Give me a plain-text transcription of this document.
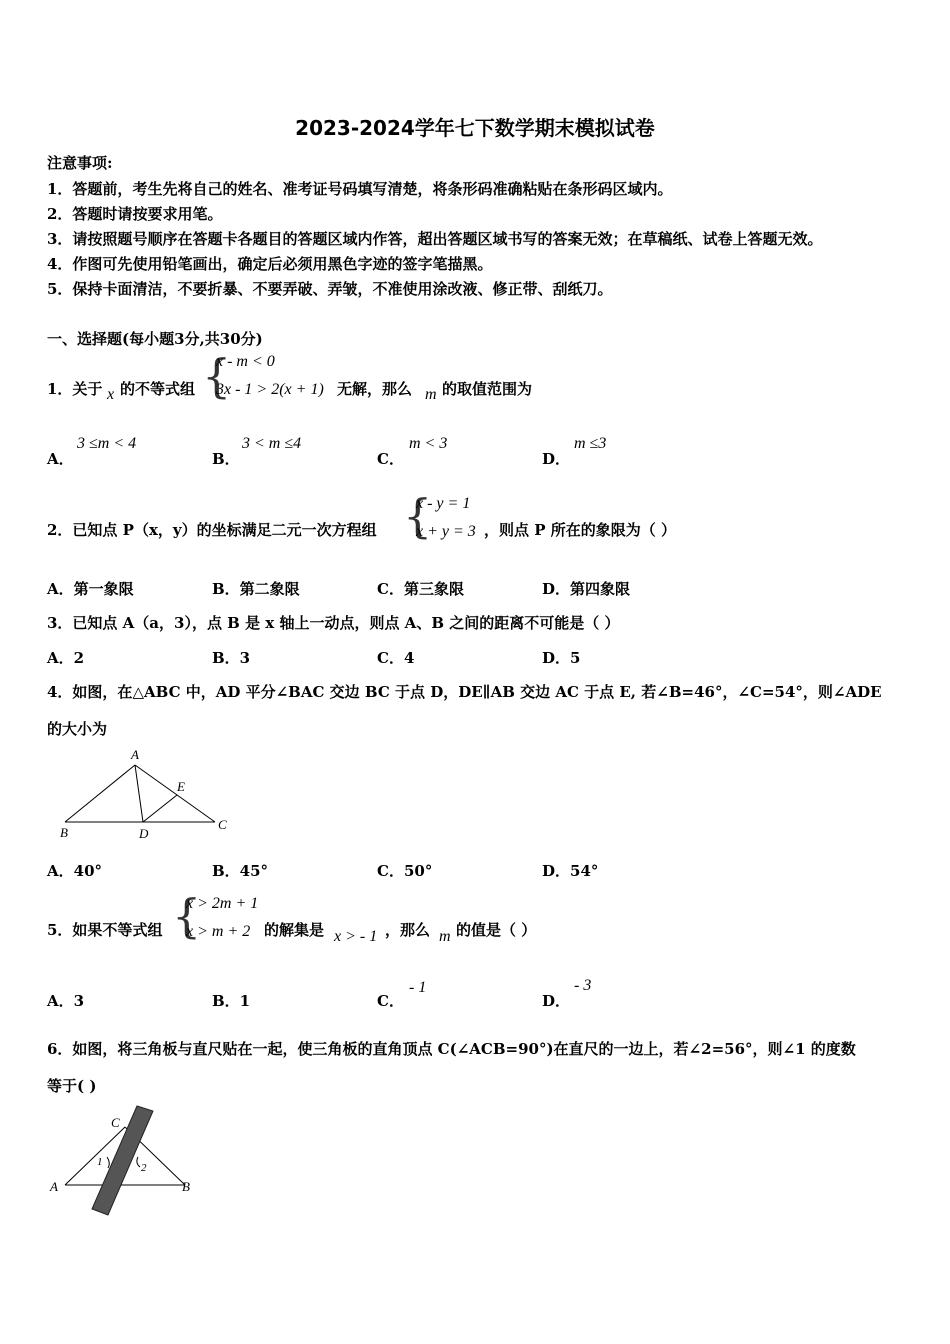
2023-2024学年七下数学期末模拟试卷
注意事项:
1．答题前，考生先将自己的姓名、准考证号码填写清楚，将条形码准确粘贴在条形码区域内。
2．答题时请按要求用笔。
3．请按照题号顺序在答题卡各题目的答题区域内作答，超出答题区域书写的答案无效；在草稿纸、试卷上答题无效。
4．作图可先使用铅笔画出，确定后必须用黑色字迹的签字笔描黑。
5．保持卡面清洁，不要折暴、不要弄破、弄皱，不准使用涂改液、修正带、刮纸刀。
一、选择题(每小题3分,共30分)
1．关于 x 的不等式组 {
x - m < 0
3x - 1 > 2(x + 1) 无解，那么 m 的取值范围为
A．
3 ≤m < 4
B．
3 < m ≤4
C．
m < 3
D．
m ≤3
2．已知点 P（x，y）的坐标满足二元一次方程组 {
x - y = 1
x + y = 3 ，则点 P 所在的象限为（ ）
A．第一象限	B．第二象限	C．第三象限	D．第四象限
3．已知点 A（a，3），点 B 是 x 轴上一动点，则点 A、B 之间的距离不可能是（ ）
A．2	B．3	C．4	D．5
4．如图，在△ABC 中，AD 平分∠BAC 交边 BC 于点 D，DE∥AB 交边 AC 于点 E, 若∠B=46°，∠C=54°，则∠ADE
的大小为
A
B
C
D
E
A．40°	B．45°	C．50°	D．54°
5．如果不等式组 {
x > 2m + 1
x > m + 2 的解集是 x > - 1 ，那么 m 的值是（ ）
A．3	B．1	C．
- 1
D．
- 3
6．如图，将三角板与直尺贴在一起，使三角板的直角顶点 C(∠ACB=90°)在直尺的一边上，若∠2=56°，则∠1 的度数
等于( )
A	B
C
1	2
